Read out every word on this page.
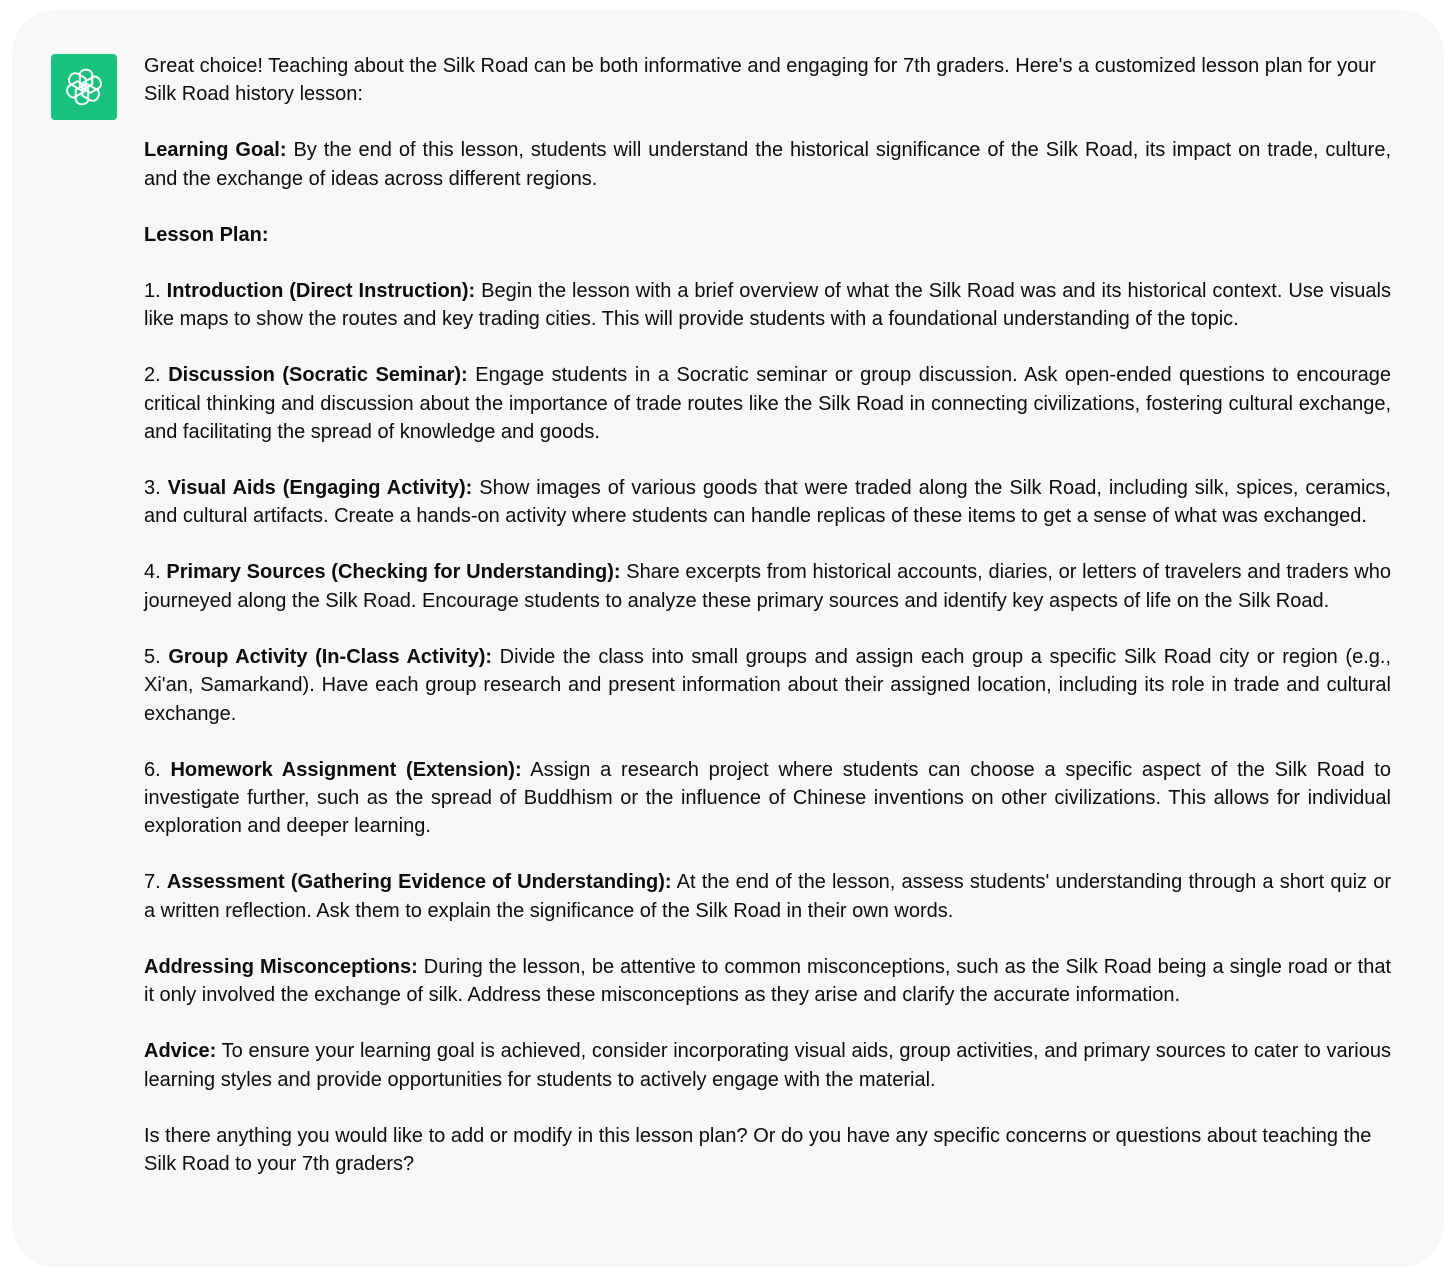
Great choice! Teaching about the Silk Road can be both informative and engaging for 7th graders. Here's a customized lesson plan for your Silk Road history lesson:

Learning Goal: By the end of this lesson, students will understand the historical significance of the Silk Road, its impact on trade, culture, and the exchange of ideas across different regions.

Lesson Plan:

1. Introduction (Direct Instruction): Begin the lesson with a brief overview of what the Silk Road was and its historical context. Use visuals like maps to show the routes and key trading cities. This will provide students with a foundational understanding of the topic.

2. Discussion (Socratic Seminar): Engage students in a Socratic seminar or group discussion. Ask open-ended questions to encourage critical thinking and discussion about the importance of trade routes like the Silk Road in connecting civilizations, fostering cultural exchange, and facilitating the spread of knowledge and goods.

3. Visual Aids (Engaging Activity): Show images of various goods that were traded along the Silk Road, including silk, spices, ceramics, and cultural artifacts. Create a hands-on activity where students can handle replicas of these items to get a sense of what was exchanged.

4. Primary Sources (Checking for Understanding): Share excerpts from historical accounts, diaries, or letters of travelers and traders who journeyed along the Silk Road. Encourage students to analyze these primary sources and identify key aspects of life on the Silk Road.

5. Group Activity (In-Class Activity): Divide the class into small groups and assign each group a specific Silk Road city or region (e.g., Xi'an, Samarkand). Have each group research and present information about their assigned location, including its role in trade and cultural exchange.

6. Homework Assignment (Extension): Assign a research project where students can choose a specific aspect of the Silk Road to investigate further, such as the spread of Buddhism or the influence of Chinese inventions on other civilizations. This allows for individual exploration and deeper learning.

7. Assessment (Gathering Evidence of Understanding): At the end of the lesson, assess students' understanding through a short quiz or a written reflection. Ask them to explain the significance of the Silk Road in their own words.

Addressing Misconceptions: During the lesson, be attentive to common misconceptions, such as the Silk Road being a single road or that it only involved the exchange of silk. Address these misconceptions as they arise and clarify the accurate information.

Advice: To ensure your learning goal is achieved, consider incorporating visual aids, group activities, and primary sources to cater to various learning styles and provide opportunities for students to actively engage with the material.

Is there anything you would like to add or modify in this lesson plan? Or do you have any specific concerns or questions about teaching the Silk Road to your 7th graders?
